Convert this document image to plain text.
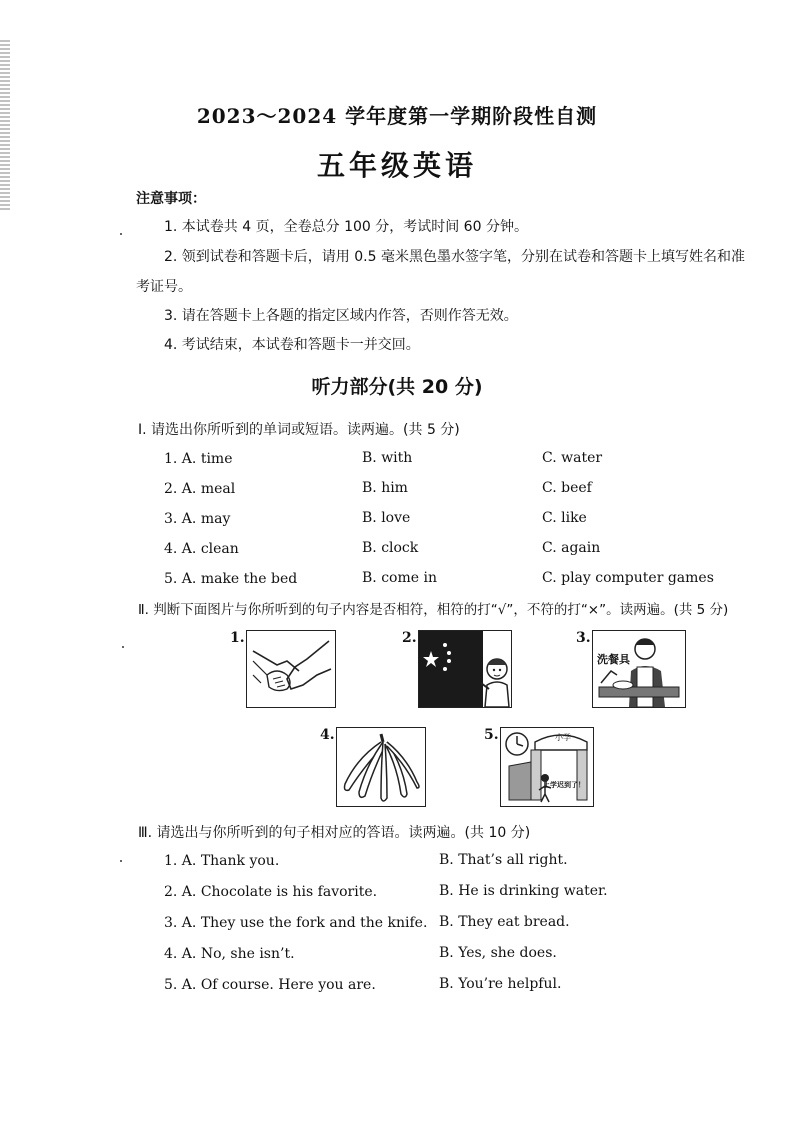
2023～2024 学年度第一学期阶段性自测
五年级英语
注意事项：
1. 本试卷共 4 页，全卷总分 100 分，考试时间 60 分钟。
2. 领到试卷和答题卡后，请用 0.5 毫米黑色墨水签字笔，分别在试卷和答题卡上填写姓名和准
考证号。
3. 请在答题卡上各题的指定区域内作答，否则作答无效。
4. 考试结束，本试卷和答题卡一并交回。
听力部分(共 20 分)
Ⅰ. 请选出你所听到的单词或短语。读两遍。(共 5 分)
1. A. time	B. with	C. water
2. A. meal	B. him	C. beef
3. A. may	B. love	C. like
4. A. clean	B. clock	C. again
5. A. make the bed	B. come in	C. play computer games
Ⅱ. 判断下面图片与你所听到的句子内容是否相符，相符的打“√”，不符的打“×”。读两遍。(共 5 分)
1.	2.	3.
洗餐具
4.	5.	小学
上学迟到了！
Ⅲ. 请选出与你所听到的句子相对应的答语。读两遍。(共 10 分)
1. A. Thank you.	B. That’s all right.
2. A. Chocolate is his favorite.	B. He is drinking water.
3. A. They use the fork and the knife. B. They eat bread.
4. A. No, she isn’t.	B. Yes, she does.
5. A. Of course. Here you are.	B. You’re helpful.
